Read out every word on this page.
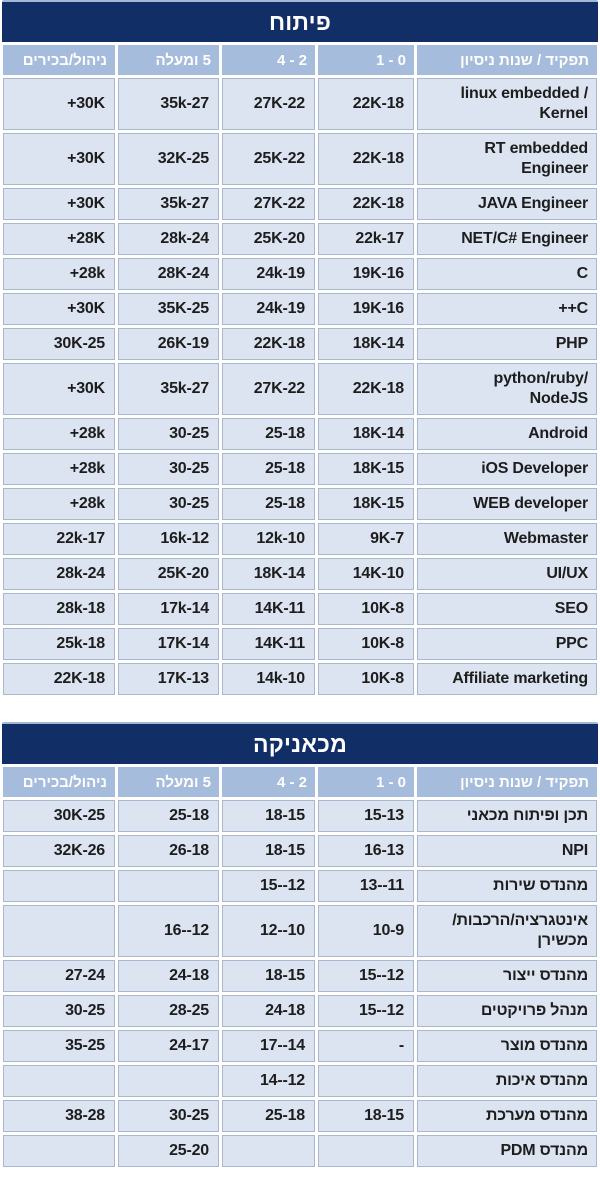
פיתוח
תפקיד / שנות ניסיון	0 - 1	2 - 4	5 ומעלה	ניהול/בכירים
linux embedded / Kernel	22K-18	27K-22	35k-27	+30K
RT embedded Engineer	22K-18	25K-22	32K-25	+30K
JAVA Engineer	22K-18	27K-22	35k-27	+30K
NET/C# Engineer	22k-17	25K-20	28k-24	+28K
C	19K-16	24k-19	28K-24	+28k
C++	19K-16	24k-19	35K-25	+30K
PHP	18K-14	22K-18	26K-19	30K-25
python/ruby/ NodeJS	22K-18	27K-22	35k-27	+30K
Android	18K-14	25-18	30-25	+28k
iOS Developer	18K-15	25-18	30-25	+28k
WEB developer	18K-15	25-18	30-25	+28k
Webmaster	9K-7	12k-10	16k-12	22k-17
UI/UX	14K-10	18K-14	25K-20	28k-24
SEO	10K-8	14K-11	17k-14	28k-18
PPC	10K-8	14K-11	17K-14	25k-18
Affiliate marketing	10K-8	14k-10	17K-13	22K-18
מכאניקה
תפקיד / שנות ניסיון	0 - 1	2 - 4	5 ומעלה	ניהול/בכירים
תכן ופיתוח מכאני	15-13	18-15	25-18	30K-25
NPI	16-13	18-15	26-18	32K-26
מהנדס שירות	13--11	15--12		
אינטגרציה/הרכבות/ מכשירן	10-9	12--10	16--12	
מהנדס ייצור	15--12	18-15	24-18	27-24
מנהל פרויקטים	15--12	24-18	28-25	30-25
מהנדס מוצר	-	17--14	24-17	35-25
מהנדס איכות		14--12		
מהנדס מערכת	18-15	25-18	30-25	38-28
מהנדס PDM			25-20	
